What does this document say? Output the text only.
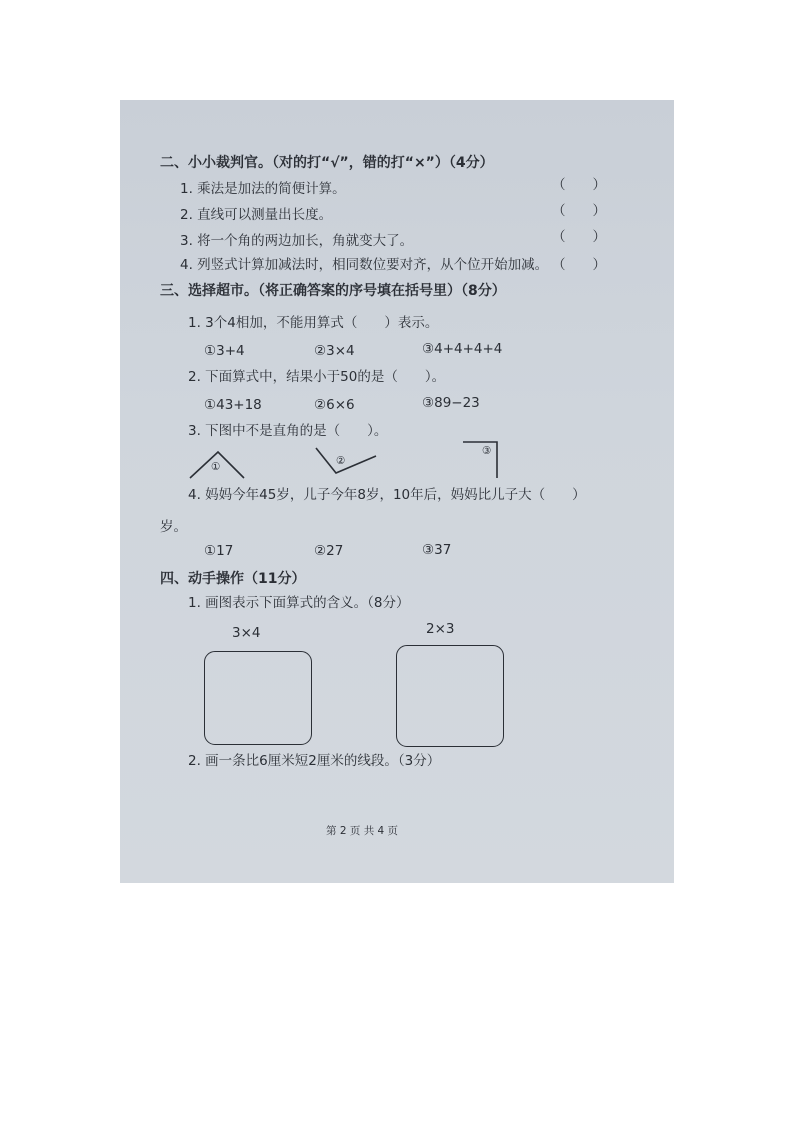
二、小小裁判官。（对的打“√”，错的打“×”）（4分）
1. 乘法是加法的简便计算。	（　　）
2. 直线可以测量出长度。	（　　）
3. 将一个角的两边加长，角就变大了。	（　　）
4. 列竖式计算加减法时，相同数位要对齐，从个位开始加减。 （　　）
三、选择超市。（将正确答案的序号填在括号里）（8分）
1. 3个4相加，不能用算式（　　）表示。
①3+4	②3×4	③4+4+4+4
2. 下面算式中，结果小于50的是（　　）。
①43+18	②6×6	③89−23
3. 下图中不是直角的是（　　）。
①	②
③
4. 妈妈今年45岁，儿子今年8岁，10年后，妈妈比儿子大（　　）
岁。
①17	②27	③37
四、动手操作（11分）
1. 画图表示下面算式的含义。（8分）
3×4	2×3
2. 画一条比6厘米短2厘米的线段。（3分）
第 2 页 共 4 页
